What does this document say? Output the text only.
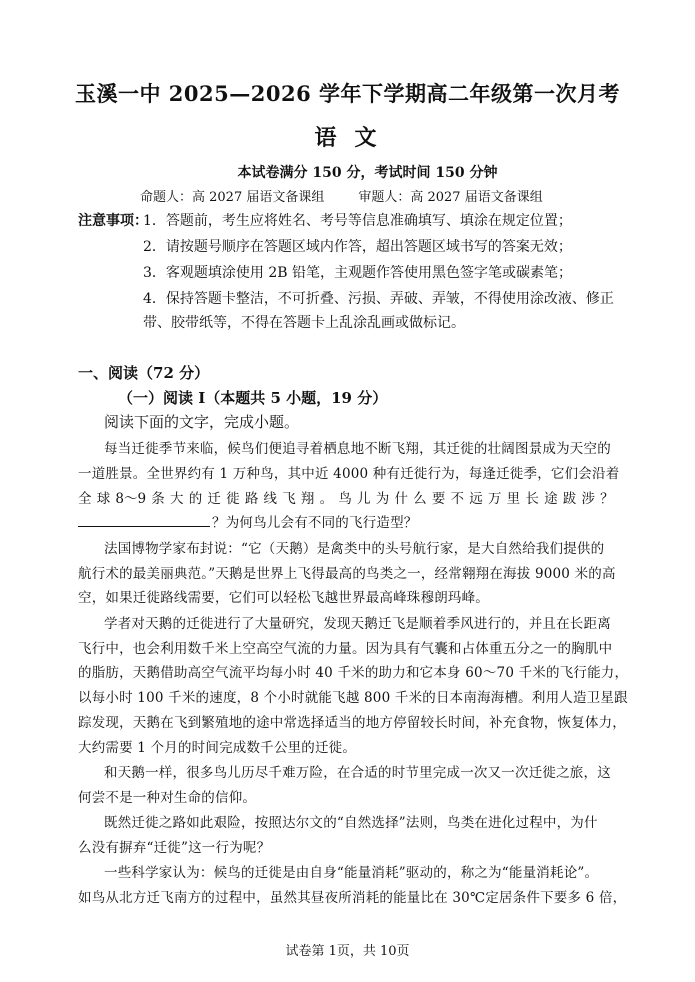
玉溪一中 2025—2026 学年下学期高二年级第一次月考
语文
本试卷满分 150 分，考试时间 150 分钟
命题人：高 2027 届语文备课组	审题人：高 2027 届语文备课组
注意事项：
1．答题前，考生应将姓名、考号等信息准确填写、填涂在规定位置；
2．请按题号顺序在答题区域内作答，超出答题区域书写的答案无效；
3．客观题填涂使用 2B 铅笔，主观题作答使用黑色签字笔或碳素笔；
4．保持答题卡整洁，不可折叠、污损、弄破、弄皱，不得使用涂改液、修正
带、胶带纸等，不得在答题卡上乱涂乱画或做标记。
一、阅读（72 分）
（一）阅读 I（本题共 5 小题，19 分）
阅读下面的文字，完成小题。
每当迁徙季节来临，候鸟们便追寻着栖息地不断飞翔，其迁徙的壮阔图景成为天空的
一道胜景。全世界约有 1 万种鸟，其中近 4000 种有迁徙行为，每逢迁徙季，它们会沿着
全 球 8～9 条 大 的 迁 徙 路 线 飞 翔 。 鸟 儿 为 什 么 要 不 远 万 里 长 途 跋 涉 ？
？为何鸟儿会有不同的飞行造型？
法国博物学家布封说：“它（天鹅）是禽类中的头号航行家，是大自然给我们提供的
航行术的最美丽典范。”天鹅是世界上飞得最高的鸟类之一，经常翱翔在海拔 9000 米的高
空，如果迁徙路线需要，它们可以轻松飞越世界最高峰珠穆朗玛峰。
学者对天鹅的迁徙进行了大量研究，发现天鹅迁飞是顺着季风进行的，并且在长距离
飞行中，也会利用数千米上空高空气流的力量。因为具有气囊和占体重五分之一的胸肌中
的脂肪，天鹅借助高空气流平均每小时 40 千米的助力和它本身 60～70 千米的飞行能力，
以每小时 100 千米的速度，8 个小时就能飞越 800 千米的日本南海海槽。利用人造卫星跟
踪发现，天鹅在飞到繁殖地的途中常选择适当的地方停留较长时间，补充食物，恢复体力，
大约需要 1 个月的时间完成数千公里的迁徙。
和天鹅一样，很多鸟儿历尽千难万险，在合适的时节里完成一次又一次迁徙之旅，这
何尝不是一种对生命的信仰。
既然迁徙之路如此艰险，按照达尔文的“自然选择”法则，鸟类在进化过程中，为什
么没有摒弃“迁徙”这一行为呢？
一些科学家认为：候鸟的迁徙是由自身“能量消耗”驱动的，称之为“能量消耗论”。
如鸟从北方迁飞南方的过程中，虽然其昼夜所消耗的能量比在 30℃定居条件下要多 6 倍，
试卷第 1页，共 10页
